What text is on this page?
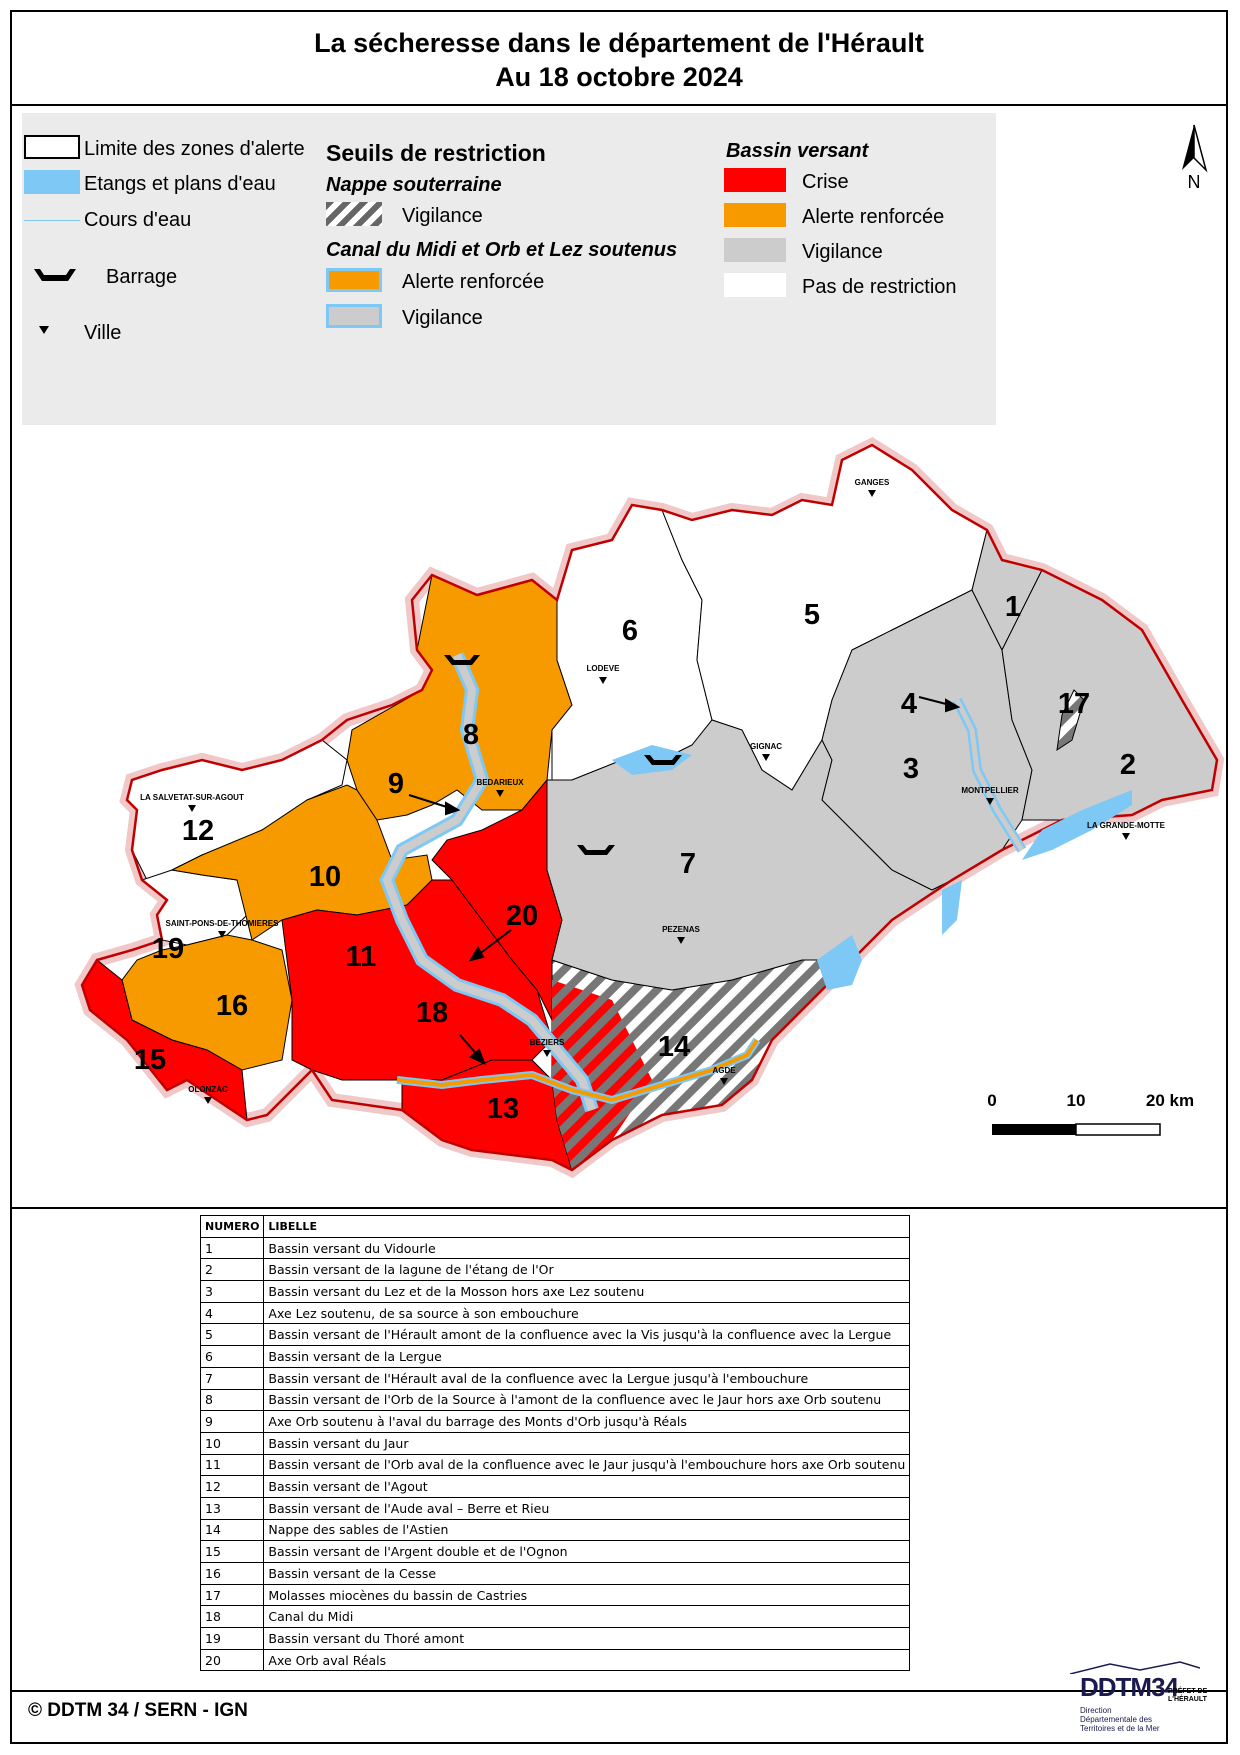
La sécheresse dans le département de l'Hérault
Au 18 octobre 2024
Limite des zones d'alerte
Etangs et plans d'eau
Cours d'eau
Barrage
Ville
Seuils de restriction
Nappe souterraine
Vigilance
Canal du Midi et Orb et Lez soutenus
Alerte renforcée
Vigilance
Bassin versant
Crise
Alerte renforcée
Vigilance
Pas de restriction
N
1
2
3
4
5
6
7
8
9
10
11
12
13
14
15
16
17
18
19
20
GANGES
LODEVE
GIGNAC
MONTPELLIER
LA GRANDE-MOTTE
BEDARIEUX
LA SALVETAT-SUR-AGOUT
SAINT-PONS-DE-THOMIERES
PEZENAS
BEZIERS
AGDE
OLONZAC
0	10	20 km
NUMERO	LIBELLE
1	Bassin versant du Vidourle
2	Bassin versant de la lagune de l'étang de l'Or
3	Bassin versant du Lez et de la Mosson hors axe Lez soutenu
4	Axe Lez soutenu, de sa source à son embouchure
5	Bassin versant de l'Hérault amont de la confluence avec la Vis jusqu'à la confluence avec la Lergue
6	Bassin versant de la Lergue
7	Bassin versant de l'Hérault aval de la confluence avec la Lergue jusqu'à l'embouchure
8	Bassin versant de l'Orb de la Source à l'amont de la confluence avec le Jaur hors axe Orb soutenu
9	Axe Orb soutenu à l'aval du barrage des Monts d'Orb jusqu'à Réals
10	Bassin versant du Jaur
11	Bassin versant de l'Orb aval de la confluence avec le Jaur jusqu'à l'embouchure hors axe Orb soutenu
12	Bassin versant de l'Agout
13	Bassin versant de l'Aude aval – Berre et Rieu
14	Nappe des sables de l'Astien
15	Bassin versant de l'Argent double et de l'Ognon
16	Bassin versant de la Cesse
17	Molasses miocènes du bassin de Castries
18	Canal du Midi
19	Bassin versant du Thoré amont
20	Axe Orb aval Réals
© DDTM 34 / SERN - IGN
DDTM34
Direction Départementale des Territoires et de la Mer
PRÉFET DE L'HÉRAULT
